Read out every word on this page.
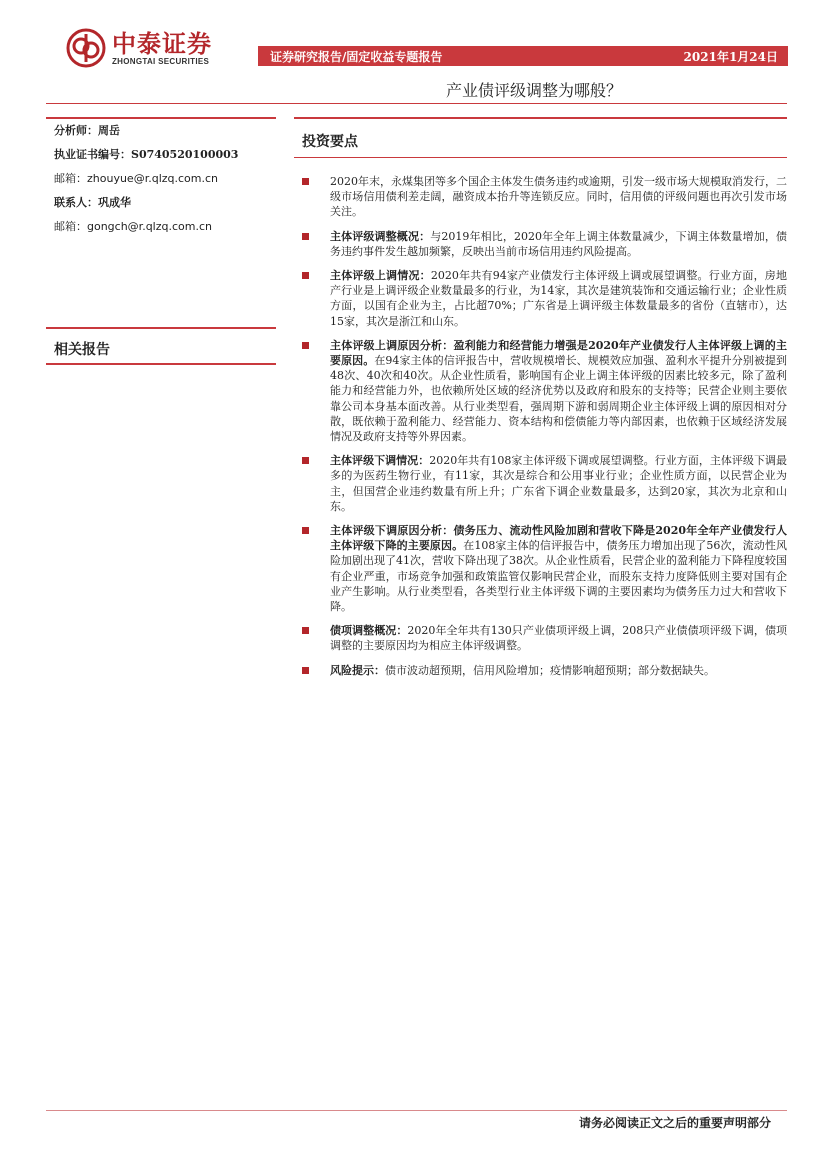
中泰证券
ZHONGTAI SECURITIES	证券研究报告/固定收益专题报告	2021年1月24日
产业债评级调整为哪般？
分析师：周岳
执业证书编号：S0740520100003
邮箱：zhouyue@r.qlzq.com.cn
联系人：巩成华
邮箱：gongch@r.qlzq.com.cn
相关报告
投资要点
2020年末，永煤集团等多个国企主体发生债务违约或逾期，引发一级市场大规模取消发行，二级市场信用债利差走阔，融资成本抬升等连锁反应。同时，信用债的评级问题也再次引发市场关注。
主体评级调整概况：与2019年相比，2020年全年上调主体数量减少，下调主体数量增加，债务违约事件发生越加频繁，反映出当前市场信用违约风险提高。
主体评级上调情况：2020年共有94家产业债发行主体评级上调或展望调整。行业方面，房地产行业是上调评级企业数量最多的行业，为14家，其次是建筑装饰和交通运输行业；企业性质方面，以国有企业为主，占比超70%；广东省是上调评级主体数量最多的省份（直辖市），达15家，其次是浙江和山东。
主体评级上调原因分析：盈利能力和经营能力增强是2020年产业债发行人主体评级上调的主要原因。在94家主体的信评报告中，营收规模增长、规模效应加强、盈利水平提升分别被提到48次、40次和40次。从企业性质看，影响国有企业上调主体评级的因素比较多元，除了盈利能力和经营能力外，也依赖所处区域的经济优势以及政府和股东的支持等；民营企业则主要依靠公司本身基本面改善。从行业类型看，强周期下游和弱周期企业主体评级上调的原因相对分散，既依赖于盈利能力、经营能力、资本结构和偿债能力等内部因素，也依赖于区域经济发展情况及政府支持等外界因素。
主体评级下调情况：2020年共有108家主体评级下调或展望调整。行业方面，主体评级下调最多的为医药生物行业，有11家，其次是综合和公用事业行业；企业性质方面，以民营企业为主，但国营企业违约数量有所上升；广东省下调企业数量最多，达到20家，其次为北京和山东。
主体评级下调原因分析：债务压力、流动性风险加剧和营收下降是2020年全年产业债发行人主体评级下降的主要原因。在108家主体的信评报告中，债务压力增加出现了56次，流动性风险加剧出现了41次，营收下降出现了38次。从企业性质看，民营企业的盈利能力下降程度较国有企业严重，市场竞争加强和政策监管仅影响民营企业，而股东支持力度降低则主要对国有企业产生影响。从行业类型看，各类型行业主体评级下调的主要因素均为债务压力过大和营收下降。
债项调整概况：2020年全年共有130只产业债项评级上调，208只产业债债项评级下调，债项调整的主要原因均为相应主体评级调整。
风险提示：债市波动超预期，信用风险增加；疫情影响超预期；部分数据缺失。
请务必阅读正文之后的重要声明部分
